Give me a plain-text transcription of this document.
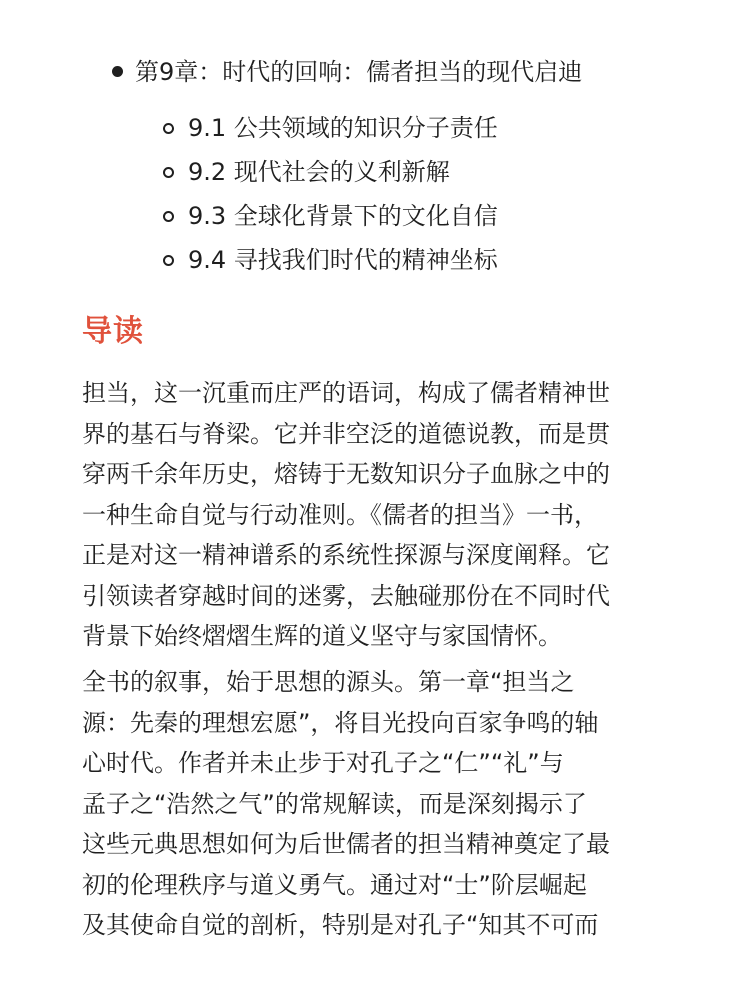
第9章：时代的回响：儒者担当的现代启迪
9.1 公共领域的知识分子责任
9.2 现代社会的义利新解
9.3 全球化背景下的文化自信
9.4 寻找我们时代的精神坐标
导读

担当，这一沉重而庄严的语词，构成了儒者精神世
界的基石与脊梁。它并非空泛的道德说教，而是贯
穿两千余年历史，熔铸于无数知识分子血脉之中的
一种生命自觉与行动准则。《儒者的担当》一书，
正是对这一精神谱系的系统性探源与深度阐释。它
引领读者穿越时间的迷雾，去触碰那份在不同时代
背景下始终熠熠生辉的道义坚守与家国情怀。

全书的叙事，始于思想的源头。第一章“担当之
源：先秦的理想宏愿”，将目光投向百家争鸣的轴
心时代。作者并未止步于对孔子之“仁”“礼”与
孟子之“浩然之气”的常规解读，而是深刻揭示了
这些元典思想如何为后世儒者的担当精神奠定了最
初的伦理秩序与道义勇气。通过对“士”阶层崛起
及其使命自觉的剖析，特别是对孔子“知其不可而
